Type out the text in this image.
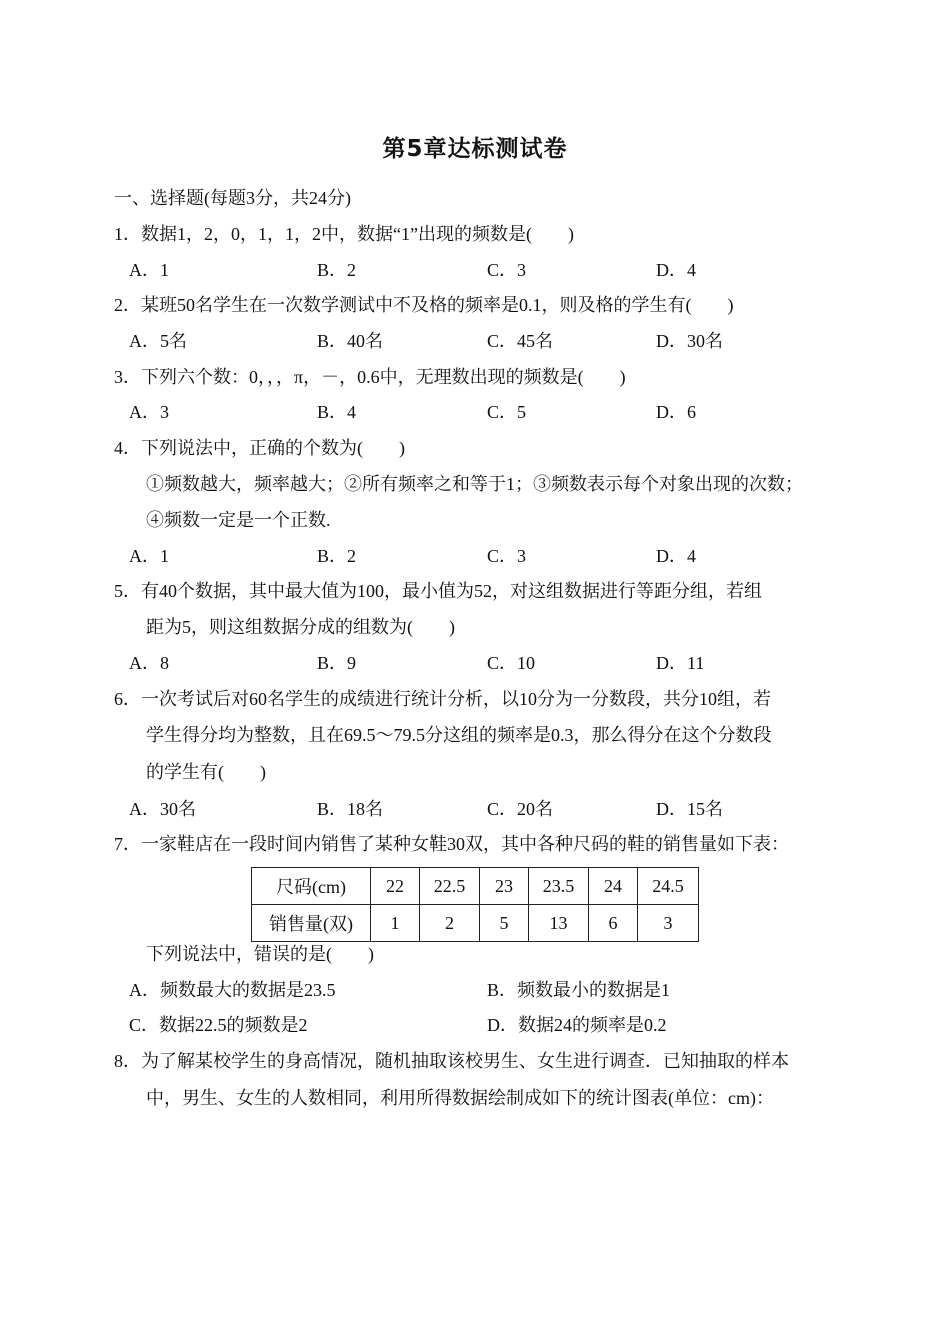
第5章达标测试卷
一、选择题(每题3分，共24分)
1．数据1，2，0，1，1，2中，数据“1”出现的频数是(　　)
A．1	B．2	C．3	D．4
2．某班50名学生在一次数学测试中不及格的频率是0.1，则及格的学生有(　　)
A．5名	B．40名	C．45名	D．30名
3．下列六个数：0，，，π，－，0.6中，无理数出现的频数是(　　)
A．3	B．4	C．5	D．6
4．下列说法中，正确的个数为(　　)
①频数越大，频率越大；②所有频率之和等于1；③频数表示每个对象出现的次数；
④频数一定是一个正数.
A．1	B．2	C．3	D．4
5．有40个数据，其中最大值为100，最小值为52，对这组数据进行等距分组，若组
距为5，则这组数据分成的组数为(　　)
A．8	B．9	C．10	D．11
6．一次考试后对60名学生的成绩进行统计分析，以10分为一分数段，共分10组，若
学生得分均为整数，且在69.5～79.5分这组的频率是0.3，那么得分在这个分数段
的学生有(　　)
A．30名	B．18名	C．20名	D．15名
7．一家鞋店在一段时间内销售了某种女鞋30双，其中各种尺码的鞋的销售量如下表：
尺码(cm)	22	22.5	23	23.5	24	24.5
销售量(双)	1	2	5	13	6	3
下列说法中，错误的是(　　)
A．频数最大的数据是23.5	B．频数最小的数据是1
C．数据22.5的频数是2	D．数据24的频率是0.2
8．为了解某校学生的身高情况，随机抽取该校男生、女生进行调查．已知抽取的样本
中，男生、女生的人数相同，利用所得数据绘制成如下的统计图表(单位：cm)：
